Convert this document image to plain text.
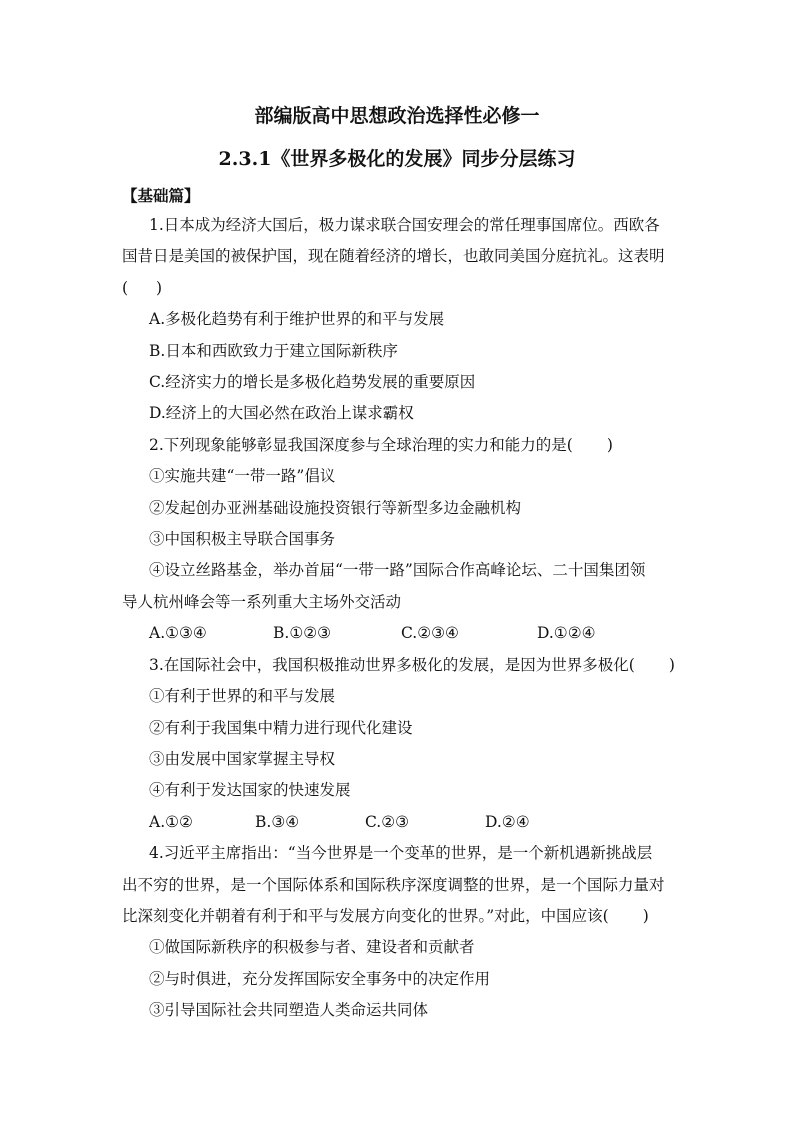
部编版高中思想政治选择性必修一
2.3.1《世界多极化的发展》同步分层练习
【基础篇】
1.日本成为经济大国后，极力谋求联合国安理会的常任理事国席位。西欧各
国昔日是美国的被保护国，现在随着经济的增长，也敢同美国分庭抗礼。这表明
( )
A.多极化趋势有利于维护世界的和平与发展
B.日本和西欧致力于建立国际新秩序
C.经济实力的增长是多极化趋势发展的重要原因
D.经济上的大国必然在政治上谋求霸权
2.下列现象能够彰显我国深度参与全球治理的实力和能力的是( )
①实施共建“一带一路”倡议
②发起创办亚洲基础设施投资银行等新型多边金融机构
③中国积极主导联合国事务
④设立丝路基金，举办首届“一带一路”国际合作高峰论坛、二十国集团领
导人杭州峰会等一系列重大主场外交活动
A.①③④	B.①②③	C.②③④	D.①②④
3.在国际社会中，我国积极推动世界多极化的发展，是因为世界多极化( )
①有利于世界的和平与发展
②有利于我国集中精力进行现代化建设
③由发展中国家掌握主导权
④有利于发达国家的快速发展
A.①②	B.③④	C.②③	D.②④
4.习近平主席指出：“当今世界是一个变革的世界，是一个新机遇新挑战层
出不穷的世界，是一个国际体系和国际秩序深度调整的世界，是一个国际力量对
比深刻变化并朝着有利于和平与发展方向变化的世界。”对此，中国应该( )
①做国际新秩序的积极参与者、建设者和贡献者
②与时俱进，充分发挥国际安全事务中的决定作用
③引导国际社会共同塑造人类命运共同体
